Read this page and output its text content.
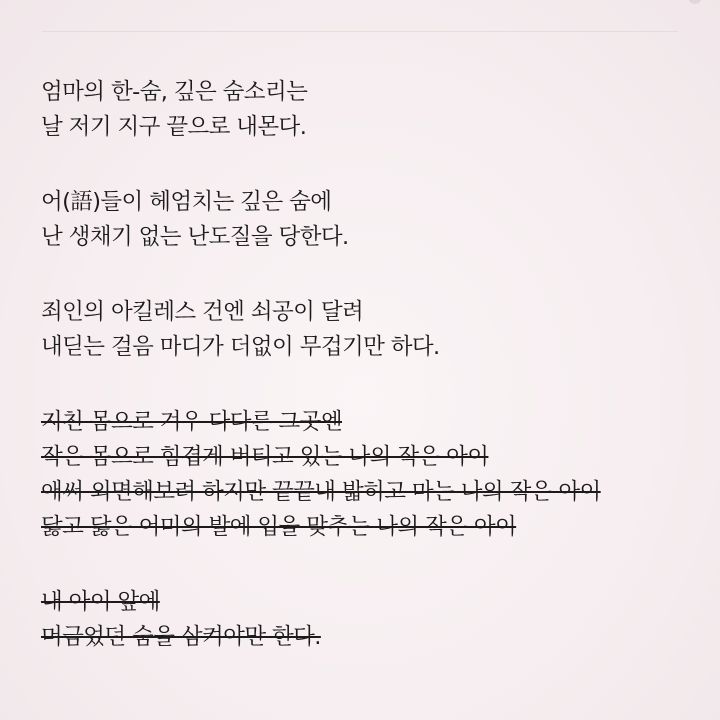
엄마의 한-숨, 깊은 숨소리는
날 저기 지구 끝으로 내몬다.
어(語)들이 헤엄치는 깊은 숨에
난 생채기 없는 난도질을 당한다.
죄인의 아킬레스 건엔 쇠공이 달려
내딛는 걸음 마디가 더없이 무겁기만 하다.
지친 몸으로 겨우 다다른 그곳엔
작은 몸으로 힘겹게 버티고 있는 나의 작은 아이
애써 외면해보려 하지만 끝끝내 밟히고 마는 나의 작은 아이
닳고 닳은 어미의 발에 입을 맞추는 나의 작은 아이
내 아이 앞에
머금었던 숨을 삼켜야만 한다.
